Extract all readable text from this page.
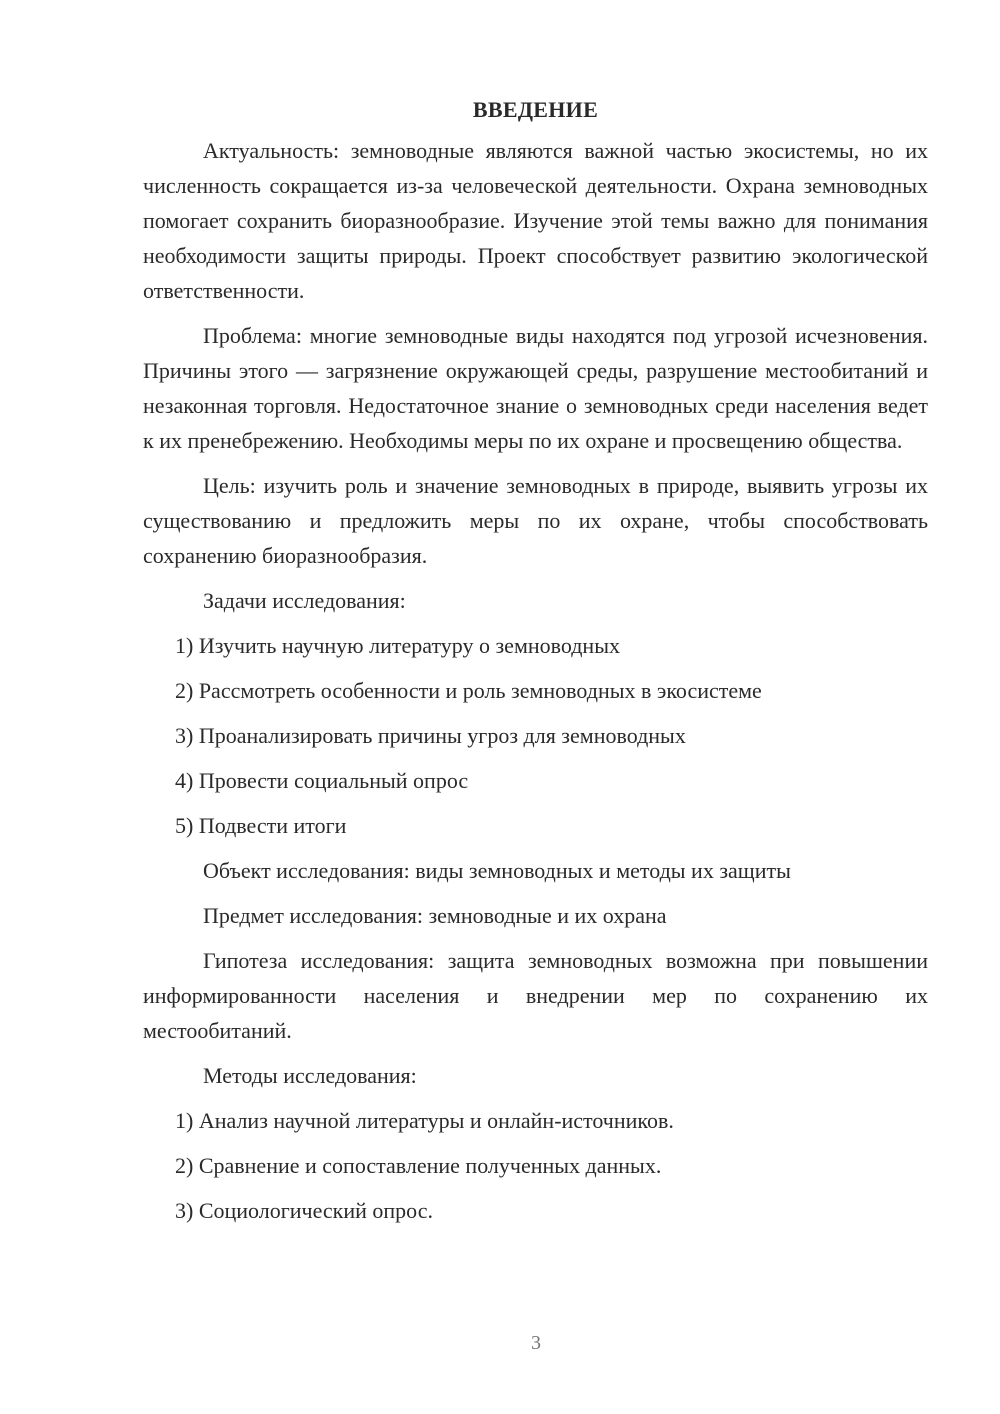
ВВЕДЕНИЕ

Актуальность: земноводные являются важной частью экосистемы, но их численность сокращается из-за человеческой деятельности. Охрана земноводных помогает сохранить биоразнообразие. Изучение этой темы важно для понимания необходимости защиты природы. Проект способствует развитию экологической ответственности.

Проблема: многие земноводные виды находятся под угрозой исчезновения. Причины этого — загрязнение окружающей среды, разрушение местообитаний и незаконная торговля. Недостаточное знание о земноводных среди населения ведет к их пренебрежению. Необходимы меры по их охране и просвещению общества.

Цель: изучить роль и значение земноводных в природе, выявить угрозы их существованию и предложить меры по их охране, чтобы способствовать сохранению биоразнообразия.

Задачи исследования:

1) Изучить научную литературу о земноводных

2) Рассмотреть особенности и роль земноводных в экосистеме

3) Проанализировать причины угроз для земноводных

4) Провести социальный опрос

5) Подвести итоги

Объект исследования: виды земноводных и методы их защиты

Предмет исследования: земноводные и их охрана

Гипотеза исследования: защита земноводных возможна при повышении информированности населения и внедрении мер по сохранению их местообитаний.

Методы исследования:

1) Анализ научной литературы и онлайн-источников.

2) Сравнение и сопоставление полученных данных.

3) Социологический опрос.

3
